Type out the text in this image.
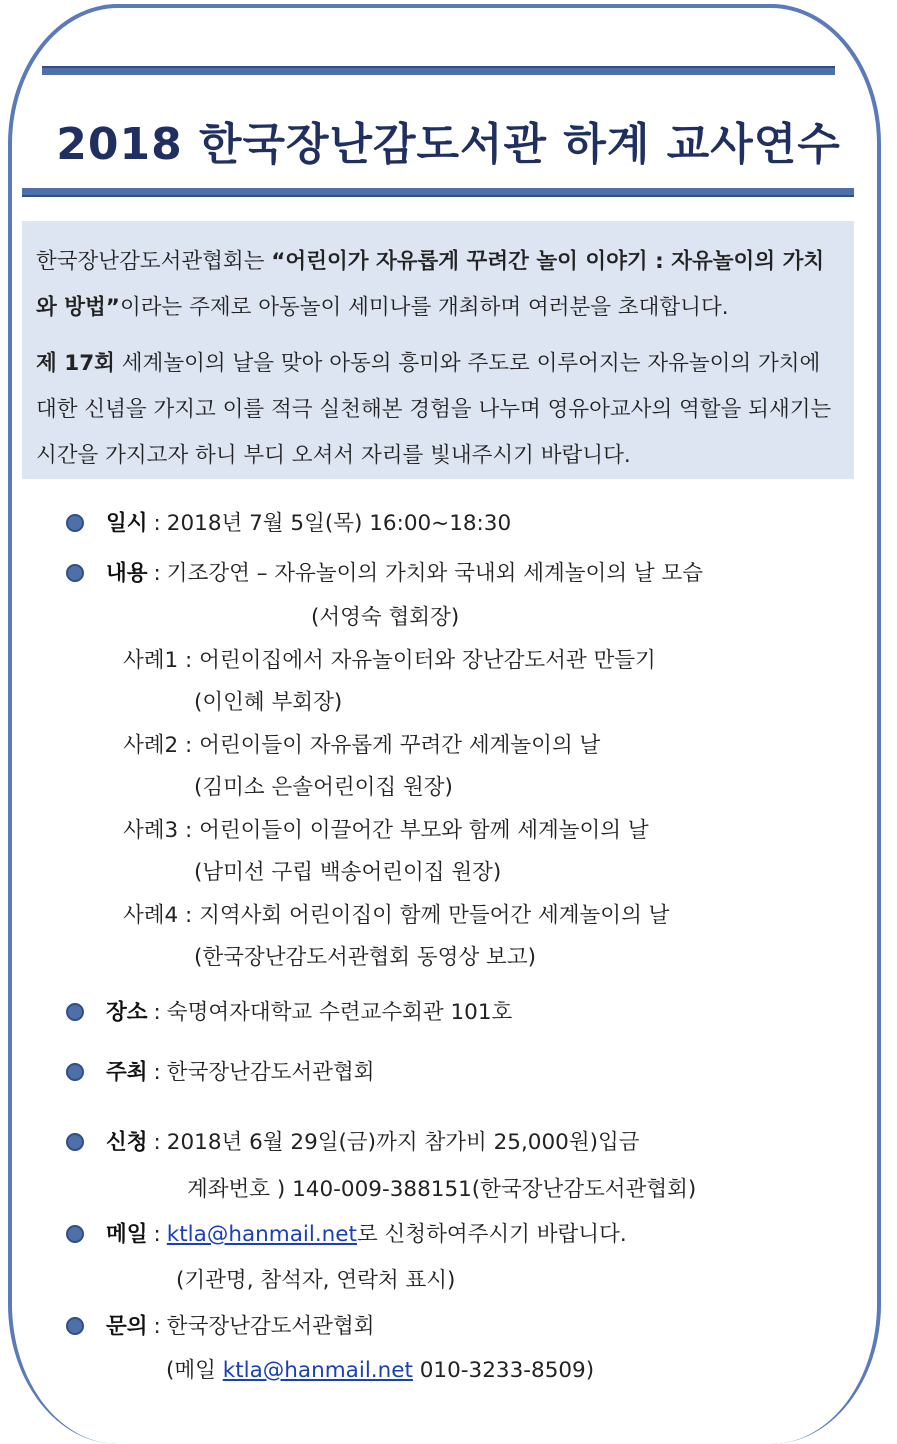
2018 한국장난감도서관 하계 교사연수

한국장난감도서관협회는 “어린이가 자유롭게 꾸려간 놀이 이야기 : 자유놀이의 가치와 방법”이라는 주제로 아동놀이 세미나를 개최하며 여러분을 초대합니다.

제 17회 세계놀이의 날을 맞아 아동의 흥미와 주도로 이루어지는 자유놀이의 가치에 대한 신념을 가지고 이를 적극 실천해본 경험을 나누며 영유아교사의 역할을 되새기는 시간을 가지고자 하니 부디 오셔서 자리를 빛내주시기 바랍니다.

일시 : 2018년 7월 5일(목) 16:00~18:30
내용 : 기조강연 – 자유놀이의 가치와 국내외 세계놀이의 날 모습
(서영숙 협회장)
사례1 : 어린이집에서 자유놀이터와 장난감도서관 만들기
(이인혜 부회장)
사례2 : 어린이들이 자유롭게 꾸려간 세계놀이의 날
(김미소 은솔어린이집 원장)
사례3 : 어린이들이 이끌어간 부모와 함께 세계놀이의 날
(남미선 구립 백송어린이집 원장)
사례4 : 지역사회 어린이집이 함께 만들어간 세계놀이의 날
(한국장난감도서관협회 동영상 보고)
장소 : 숙명여자대학교 수련교수회관 101호
주최 : 한국장난감도서관협회
신청 : 2018년 6월 29일(금)까지 참가비 25,000원)입금
계좌번호 ) 140-009-388151(한국장난감도서관협회)
메일 : ktla@hanmail.net로 신청하여주시기 바랍니다.
(기관명, 참석자, 연락처 표시)
문의 : 한국장난감도서관협회
(메일 ktla@hanmail.net 010-3233-8509)
